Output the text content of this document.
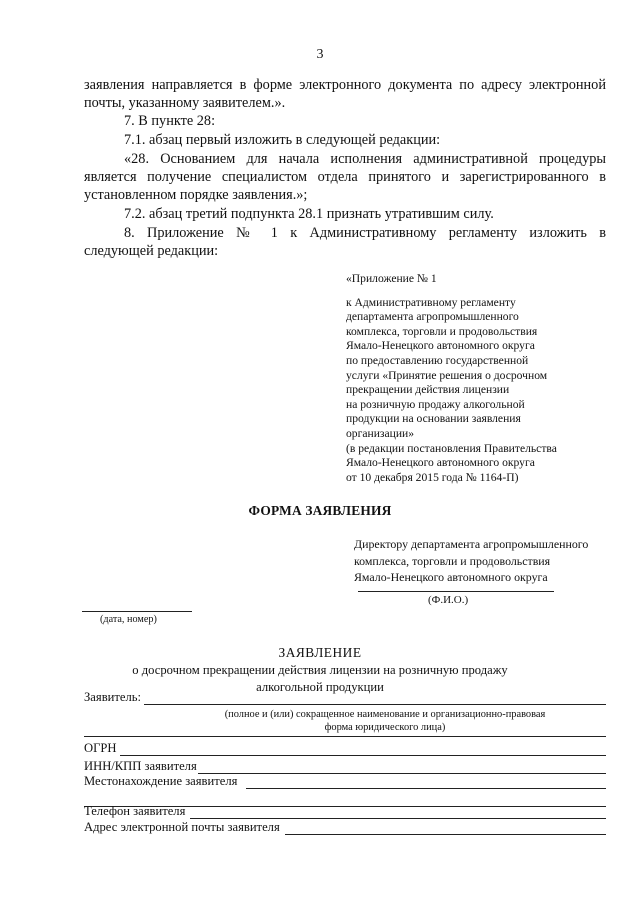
3
заявления направляется в форме электронного документа по адресу электронной
почты, указанному заявителем.».
7. В пункте 28:
7.1. абзац первый изложить в следующей редакции:
«28. Основанием для начала исполнения административной процедуры
является получение специалистом отдела принятого и зарегистрированного в
установленном порядке заявления.»;
7.2. абзац третий подпункта 28.1 признать утратившим силу.
8. Приложение № 1 к Административному регламенту изложить в
следующей редакции:
«Приложение № 1
к Административному регламенту
департамента агропромышленного
комплекса, торговли и продовольствия
Ямало-Ненецкого автономного округа
по предоставлению государственной
услуги «Принятие решения о досрочном
прекращении действия лицензии
на розничную продажу алкогольной
продукции на основании заявления
организации»
(в редакции постановления Правительства
Ямало-Ненецкого автономного округа
от 10 декабря 2015 года № 1164-П)
ФОРМА ЗАЯВЛЕНИЯ
Директору департамента агропромышленного
комплекса, торговли и продовольствия
Ямало-Ненецкого автономного округа
(Ф.И.О.)
(дата, номер)
ЗАЯВЛЕНИЕ
о досрочном прекращении действия лицензии на розничную продажу
алкогольной продукции
Заявитель:
(полное и (или) сокращенное наименование и организационно-правовая
форма юридического лица)
ОГРН
ИНН/КПП заявителя
Местонахождение заявителя
Телефон заявителя
Адрес электронной почты заявителя
